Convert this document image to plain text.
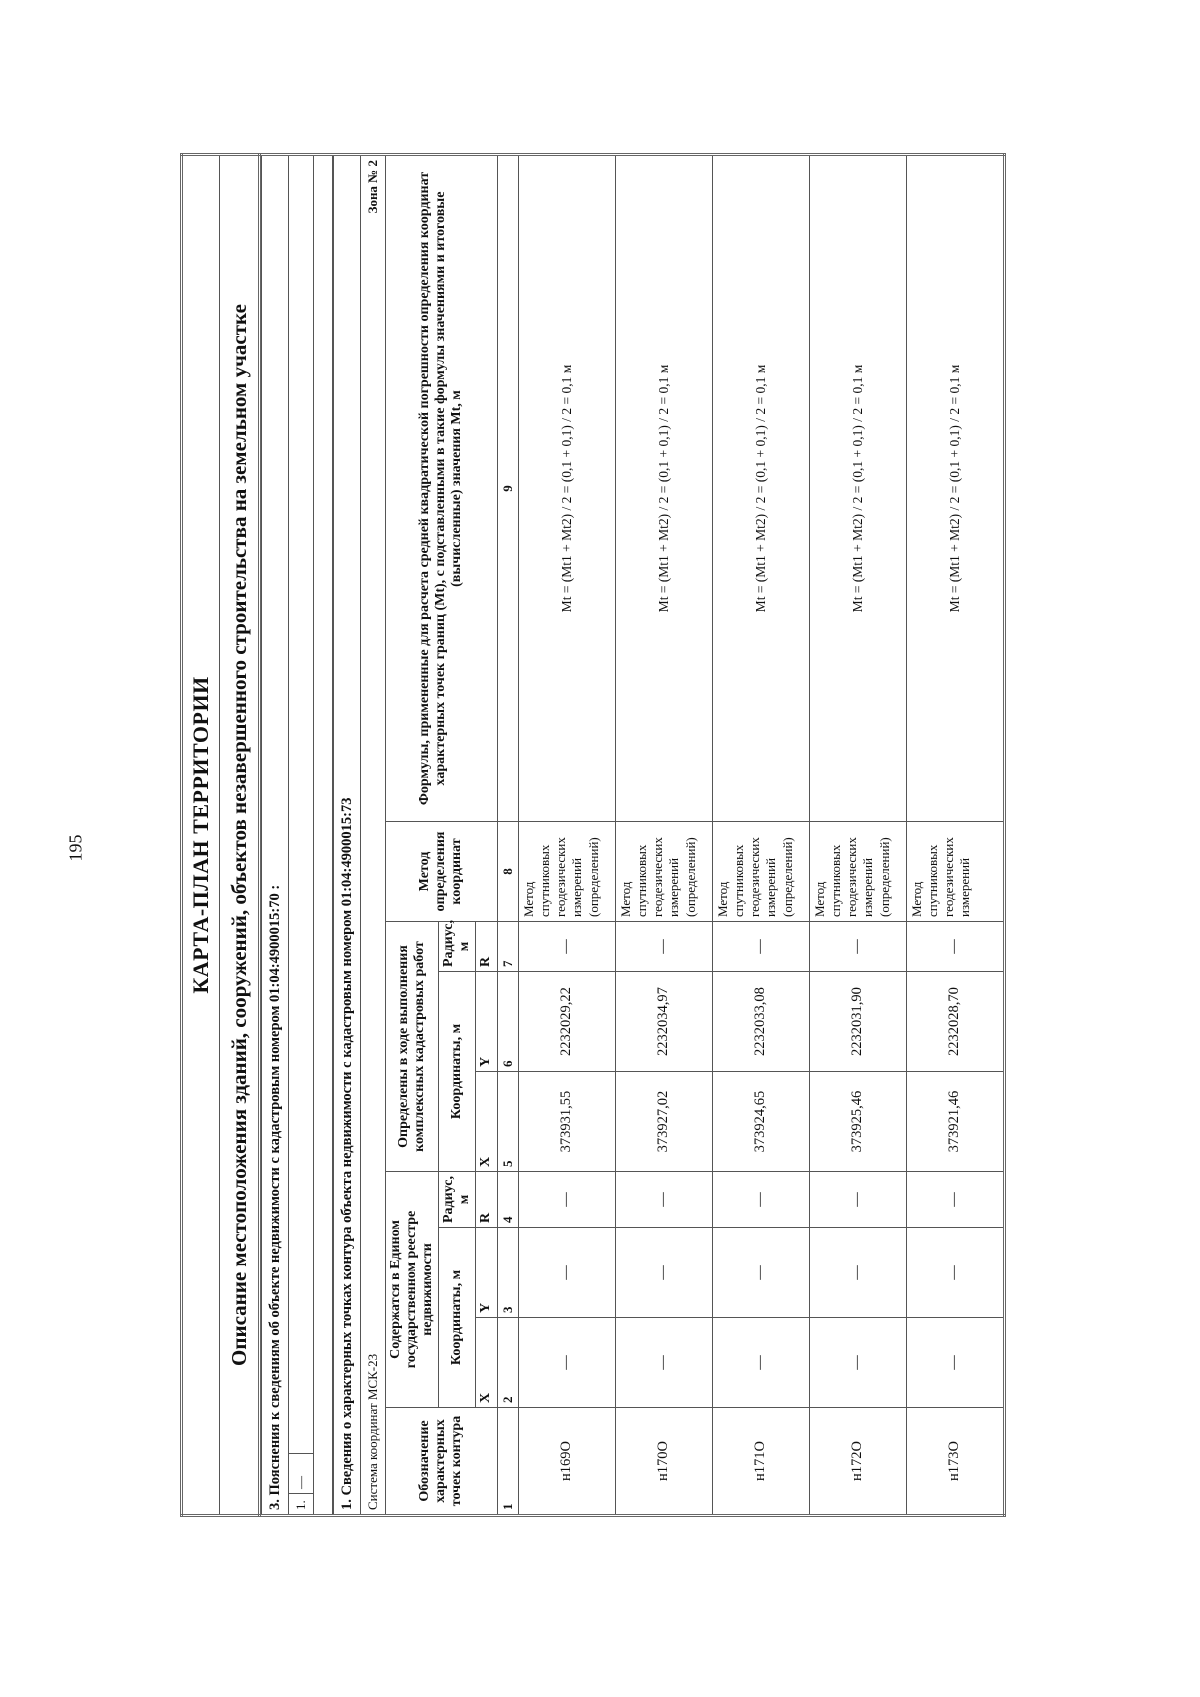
195	КАРТА-ПЛАН ТЕРРИТОРИИ
Описание местоположения зданий, сооружений, объектов незавершенного строительства на земельном участке 3. Пояснения к сведениям об объекте недвижимости с кадастровым номером 01:04:4900015:70 :
1.	—	1. Сведения о характерных точках контура объекта недвижимости с кадастровым номером 01:04:4900015:73								
Система координат МСК-23
Зона № 2								

Обозначение характерных точек контура	Содержатся в Едином государственном реестре недвижимости			Определены в ходе выполнения комплексных кадастровых работ			Метод определения координат	Формулы, примененные для расчета средней квадратической погрешности определения координат характерных точек границ (Mt), с подставленными в такие формулы значениями и итоговые (вычисленные) значения Mt, м
	Координаты, м		Радиус, м	Координаты, м		Радиус, м		
	X	Y	R	X	Y	R		
1	2	3	4	5	6	7	8	9
н169О	—	—	—	373931,55	2232029,22	—	Метод спутниковых геодезических измерений (определений)	Mt = (Mt1 + Mt2) / 2 = (0,1 + 0,1) / 2 = 0,1 м
н170О	—	—	—	373927,02	2232034,97	—	Метод спутниковых геодезических измерений (определений)	Mt = (Mt1 + Mt2) / 2 = (0,1 + 0,1) / 2 = 0,1 м
н171О	—	—	—	373924,65	2232033,08	—	Метод спутниковых геодезических измерений (определений)	Mt = (Mt1 + Mt2) / 2 = (0,1 + 0,1) / 2 = 0,1 м
н172О	—	—	—	373925,46	2232031,90	—	Метод спутниковых геодезических измерений (определений)	Mt = (Mt1 + Mt2) / 2 = (0,1 + 0,1) / 2 = 0,1 м
н173О	—	—	—	373921,46	2232028,70	—	Метод спутниковых геодезических измерений	Mt = (Mt1 + Mt2) / 2 = (0,1 + 0,1) / 2 = 0,1 м
